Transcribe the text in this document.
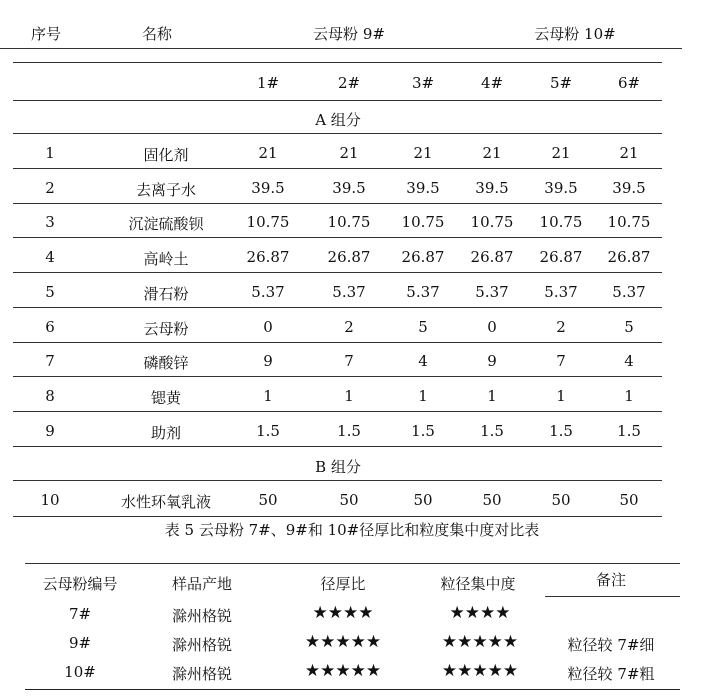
序号	名称	云母粉 9#	云母粉 10#
1#	2#	3#	4#	5#	6#
A 组分
1	固化剂	21	21	21	21	21	21
2	去离子水	39.5	39.5	39.5 39.5 39.5 39.5
3	沉淀硫酸钡	10.75	10.75 10.75 10.75 10.75 10.75
4	高岭土	26.87	26.87 26.87 26.87 26.87 26.87
5	滑石粉	5.37	5.37	5.37 5.37 5.37 5.37
6	云母粉	0	2	5	0	2	5
7	磷酸锌	9	7	4	9	7	4
8	锶黄	1	1	1	1	1	1
9	助剂	1.5	1.5	1.5	1.5	1.5	1.5
B 组分
10	水性环氧乳液	50	50	50	50	50	50
表 5 云母粉 7#、9#和 10#径厚比和粒度集中度对比表
云母粉编号	样品产地	径厚比	粒径集中度	备注
7#	滁州格锐	★★★★	★★★★
9#	滁州格锐	★★★★★	★★★★★	粒径较 7#细
10#	滁州格锐	★★★★★	★★★★★	粒径较 7#粗
